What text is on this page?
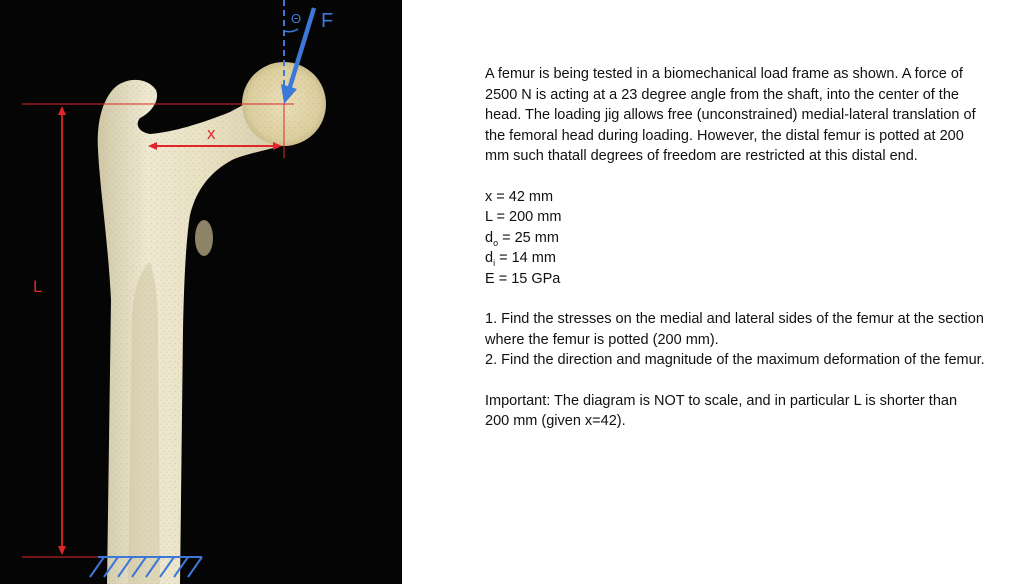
F
Θ
x
L

A femur is being tested in a biomechanical load frame as shown. A force of 2500 N is acting at a 23 degree angle from the shaft, into the center of the head. The loading jig allows free (unconstrained) medial-lateral translation of the femoral head during loading. However, the distal femur is potted at 200 mm such thatall degrees of freedom are restricted at this distal end.

x = 42 mm
L = 200 mm
$d_o = 25$ mm
$d_i = 14$ mm
E = 15 GPa

1. Find the stresses on the medial and lateral sides of the femur at the section where the femur is potted (200 mm).

2. Find the direction and magnitude of the maximum deformation of the femur.

Important: The diagram is NOT to scale, and in particular L is shorter than 200 mm (given x=42).
